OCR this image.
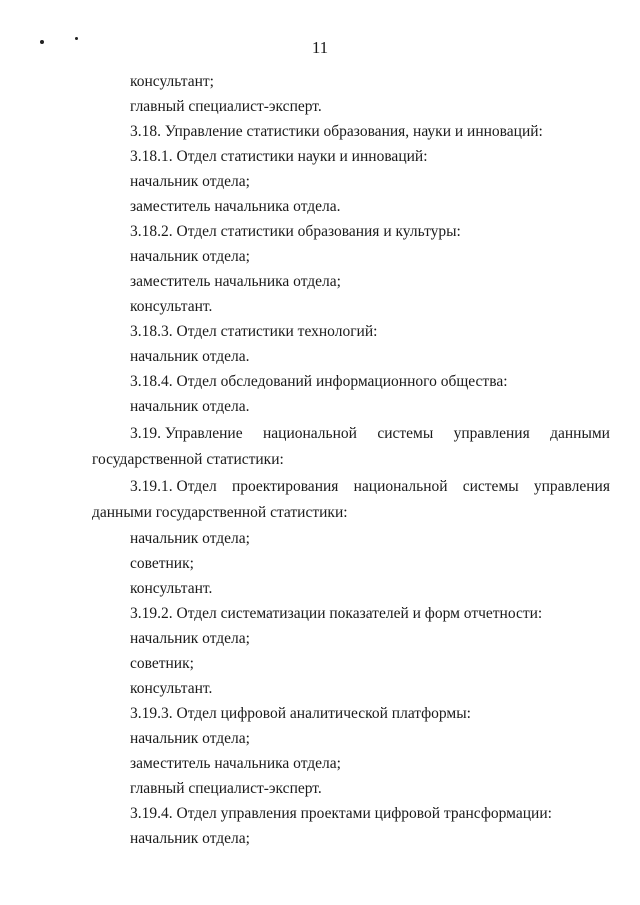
11
консультант;
главный специалист-эксперт.
3.18. Управление статистики образования, науки и инноваций:
3.18.1. Отдел статистики науки и инноваций:
начальник отдела;
заместитель начальника отдела.
3.18.2. Отдел статистики образования и культуры:
начальник отдела;
заместитель начальника отдела;
консультант.
3.18.3. Отдел статистики технологий:
начальник отдела.
3.18.4. Отдел обследований информационного общества:
начальник отдела.
3.19. Управление национальной системы управления данными
государственной статистики:
3.19.1. Отдел проектирования национальной системы управления
данными государственной статистики:
начальник отдела;
советник;
консультант.
3.19.2. Отдел систематизации показателей и форм отчетности:
начальник отдела;
советник;
консультант.
3.19.3. Отдел цифровой аналитической платформы:
начальник отдела;
заместитель начальника отдела;
главный специалист-эксперт.
3.19.4. Отдел управления проектами цифровой трансформации:
начальник отдела;
